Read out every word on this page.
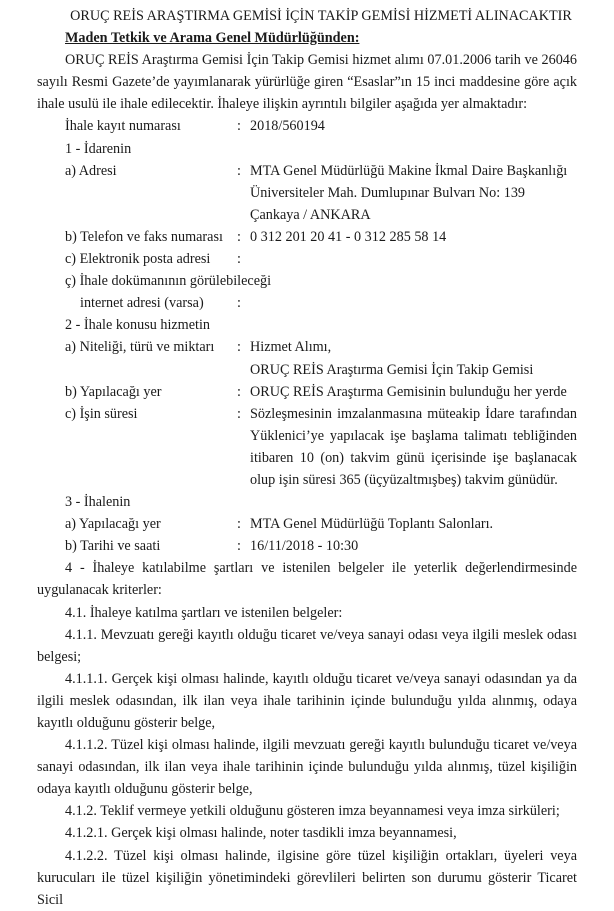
ORUÇ REİS ARAŞTIRMA GEMİSİ İÇİN TAKİP GEMİSİ HİZMETİ ALINACAKTIR
Maden Tetkik ve Arama Genel Müdürlüğünden:

ORUÇ REİS Araştırma Gemisi İçin Takip Gemisi hizmet alımı 07.01.2006 tarih ve 26046 sayılı Resmi Gazete’de yayımlanarak yürürlüğe giren “Esaslar”ın 15 inci maddesine göre açık ihale usulü ile ihale edilecektir. İhaleye ilişkin ayrıntılı bilgiler aşağıda yer almaktadır:

İhale kayıt numarası	: 2018/560194
1 - İdarenin
a) Adresi	: MTA Genel Müdürlüğü Makine İkmal Daire Başkanlığı
Üniversiteler Mah. Dumlupınar Bulvarı No: 139
Çankaya / ANKARA
b) Telefon ve faks numarası : 0 312 201 20 41 - 0 312 285 58 14
c) Elektronik posta adresi	:
ç) İhale dokümanının görülebileceği
internet adresi (varsa)	:
2 - İhale konusu hizmetin
a) Niteliği, türü ve miktarı	: Hizmet Alımı,
ORUÇ REİS Araştırma Gemisi İçin Takip Gemisi
b) Yapılacağı yer	: ORUÇ REİS Araştırma Gemisinin bulunduğu her yerde
c) İşin süresi	: Sözleşmesinin imzalanmasına müteakip İdare tarafından Yüklenici’ye yapılacak işe başlama talimatı tebliğinden itibaren 10 (on) takvim günü içerisinde işe başlanacak olup işin süresi 365 (üçyüzaltmışbeş) takvim günüdür.
3 - İhalenin
a) Yapılacağı yer	: MTA Genel Müdürlüğü Toplantı Salonları.
b) Tarihi ve saati	: 16/11/2018 - 10:30

4 - İhaleye katılabilme şartları ve istenilen belgeler ile yeterlik değerlendirmesinde uygulanacak kriterler:

4.1. İhaleye katılma şartları ve istenilen belgeler:

4.1.1. Mevzuatı gereği kayıtlı olduğu ticaret ve/veya sanayi odası veya ilgili meslek odası belgesi;

4.1.1.1. Gerçek kişi olması halinde, kayıtlı olduğu ticaret ve/veya sanayi odasından ya da ilgili meslek odasından, ilk ilan veya ihale tarihinin içinde bulunduğu yılda alınmış, odaya kayıtlı olduğunu gösterir belge,

4.1.1.2. Tüzel kişi olması halinde, ilgili mevzuatı gereği kayıtlı bulunduğu ticaret ve/veya sanayi odasından, ilk ilan veya ihale tarihinin içinde bulunduğu yılda alınmış, tüzel kişiliğin odaya kayıtlı olduğunu gösterir belge,

4.1.2. Teklif vermeye yetkili olduğunu gösteren imza beyannamesi veya imza sirküleri;

4.1.2.1. Gerçek kişi olması halinde, noter tasdikli imza beyannamesi,

4.1.2.2. Tüzel kişi olması halinde, ilgisine göre tüzel kişiliğin ortakları, üyeleri veya kurucuları ile tüzel kişiliğin yönetimindeki görevlileri belirten son durumu gösterir Ticaret Sicil
